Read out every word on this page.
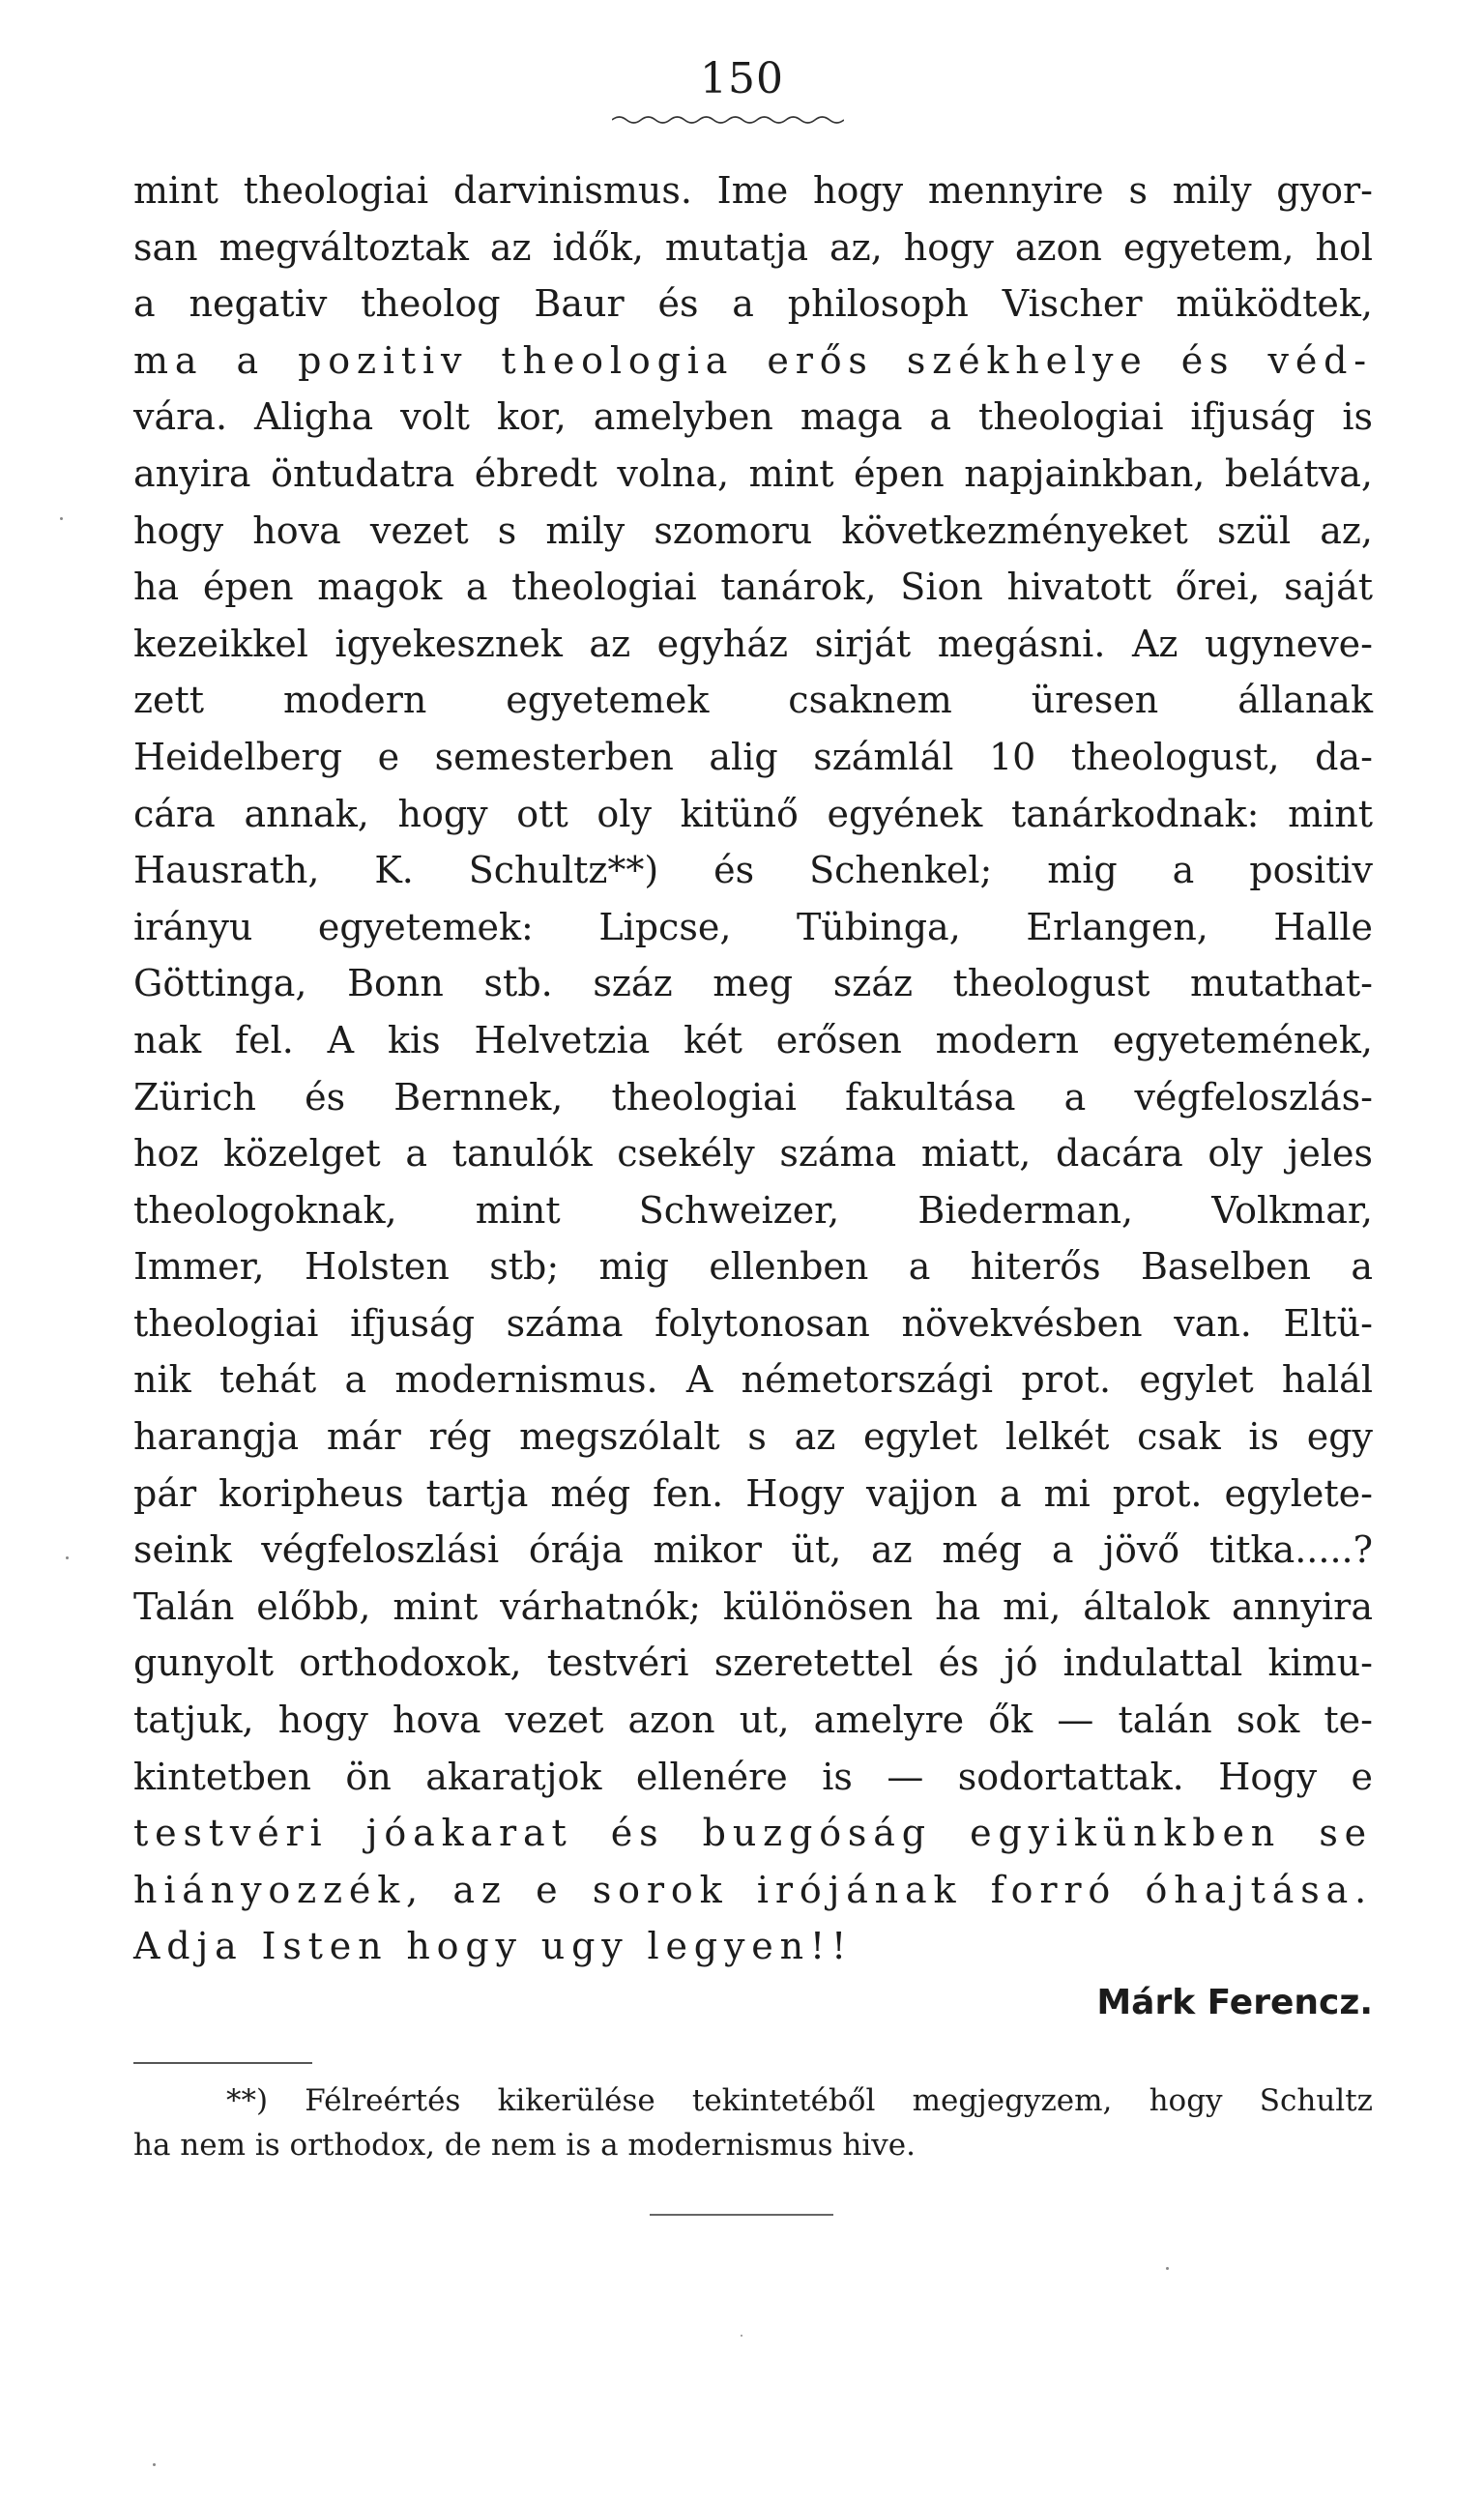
150
mint theologiai darvinismus. Ime hogy mennyire s mily gyor-
san megváltoztak az idők, mutatja az, hogy azon egyetem, hol
a negativ theolog Baur és a philosoph Vischer müködtek,
ma a pozitiv theologia erős székhelye és véd-
vára. Aligha volt kor, amelyben maga a theologiai ifjuság is
anyira öntudatra ébredt volna, mint épen napjainkban, belátva,
hogy hova vezet s mily szomoru következményeket szül az,
ha épen magok a theologiai tanárok, Sion hivatott őrei, saját
kezeikkel igyekesznek az egyház sirját megásni. Az ugyneve-
zett modern egyetemek csaknem üresen állanak
Heidelberg e semesterben alig számlál 10 theologust, da-
cára annak, hogy ott oly kitünő egyének tanárkodnak: mint
Hausrath, K. Schultz**) és Schenkel; mig a positiv
irányu egyetemek: Lipcse, Tübinga, Erlangen, Halle
Göttinga, Bonn stb. száz meg száz theologust mutathat-
nak fel. A kis Helvetzia két erősen modern egyetemének,
Zürich és Bernnek, theologiai fakultása a végfeloszlás-
hoz közelget a tanulók csekély száma miatt, dacára oly jeles
theologoknak, mint Schweizer, Biederman, Volkmar,
Immer, Holsten stb; mig ellenben a hiterős Baselben a
theologiai ifjuság száma folytonosan növekvésben van. Eltü-
nik tehát a modernismus. A németországi prot. egylet halál
harangja már rég megszólalt s az egylet lelkét csak is egy
pár koripheus tartja még fen. Hogy vajjon a mi prot. egylete-
seink végfeloszlási órája mikor üt, az még a jövő titka.....?
Talán előbb, mint várhatnók; különösen ha mi, általok annyira
gunyolt orthodoxok, testvéri szeretettel és jó indulattal kimu-
tatjuk, hogy hova vezet azon ut, amelyre ők — talán sok te-
kintetben ön akaratjok ellenére is — sodortattak. Hogy e
testvéri jóakarat és buzgóság egyikünkben se
hiányozzék, az e sorok irójának forró óhajtása.
Adja Isten hogy ugy legyen!!
Márk Ferencz.
**) Félreértés kikerülése tekintetéből megjegyzem, hogy Schultz
ha nem is orthodox, de nem is a modernismus hive.
